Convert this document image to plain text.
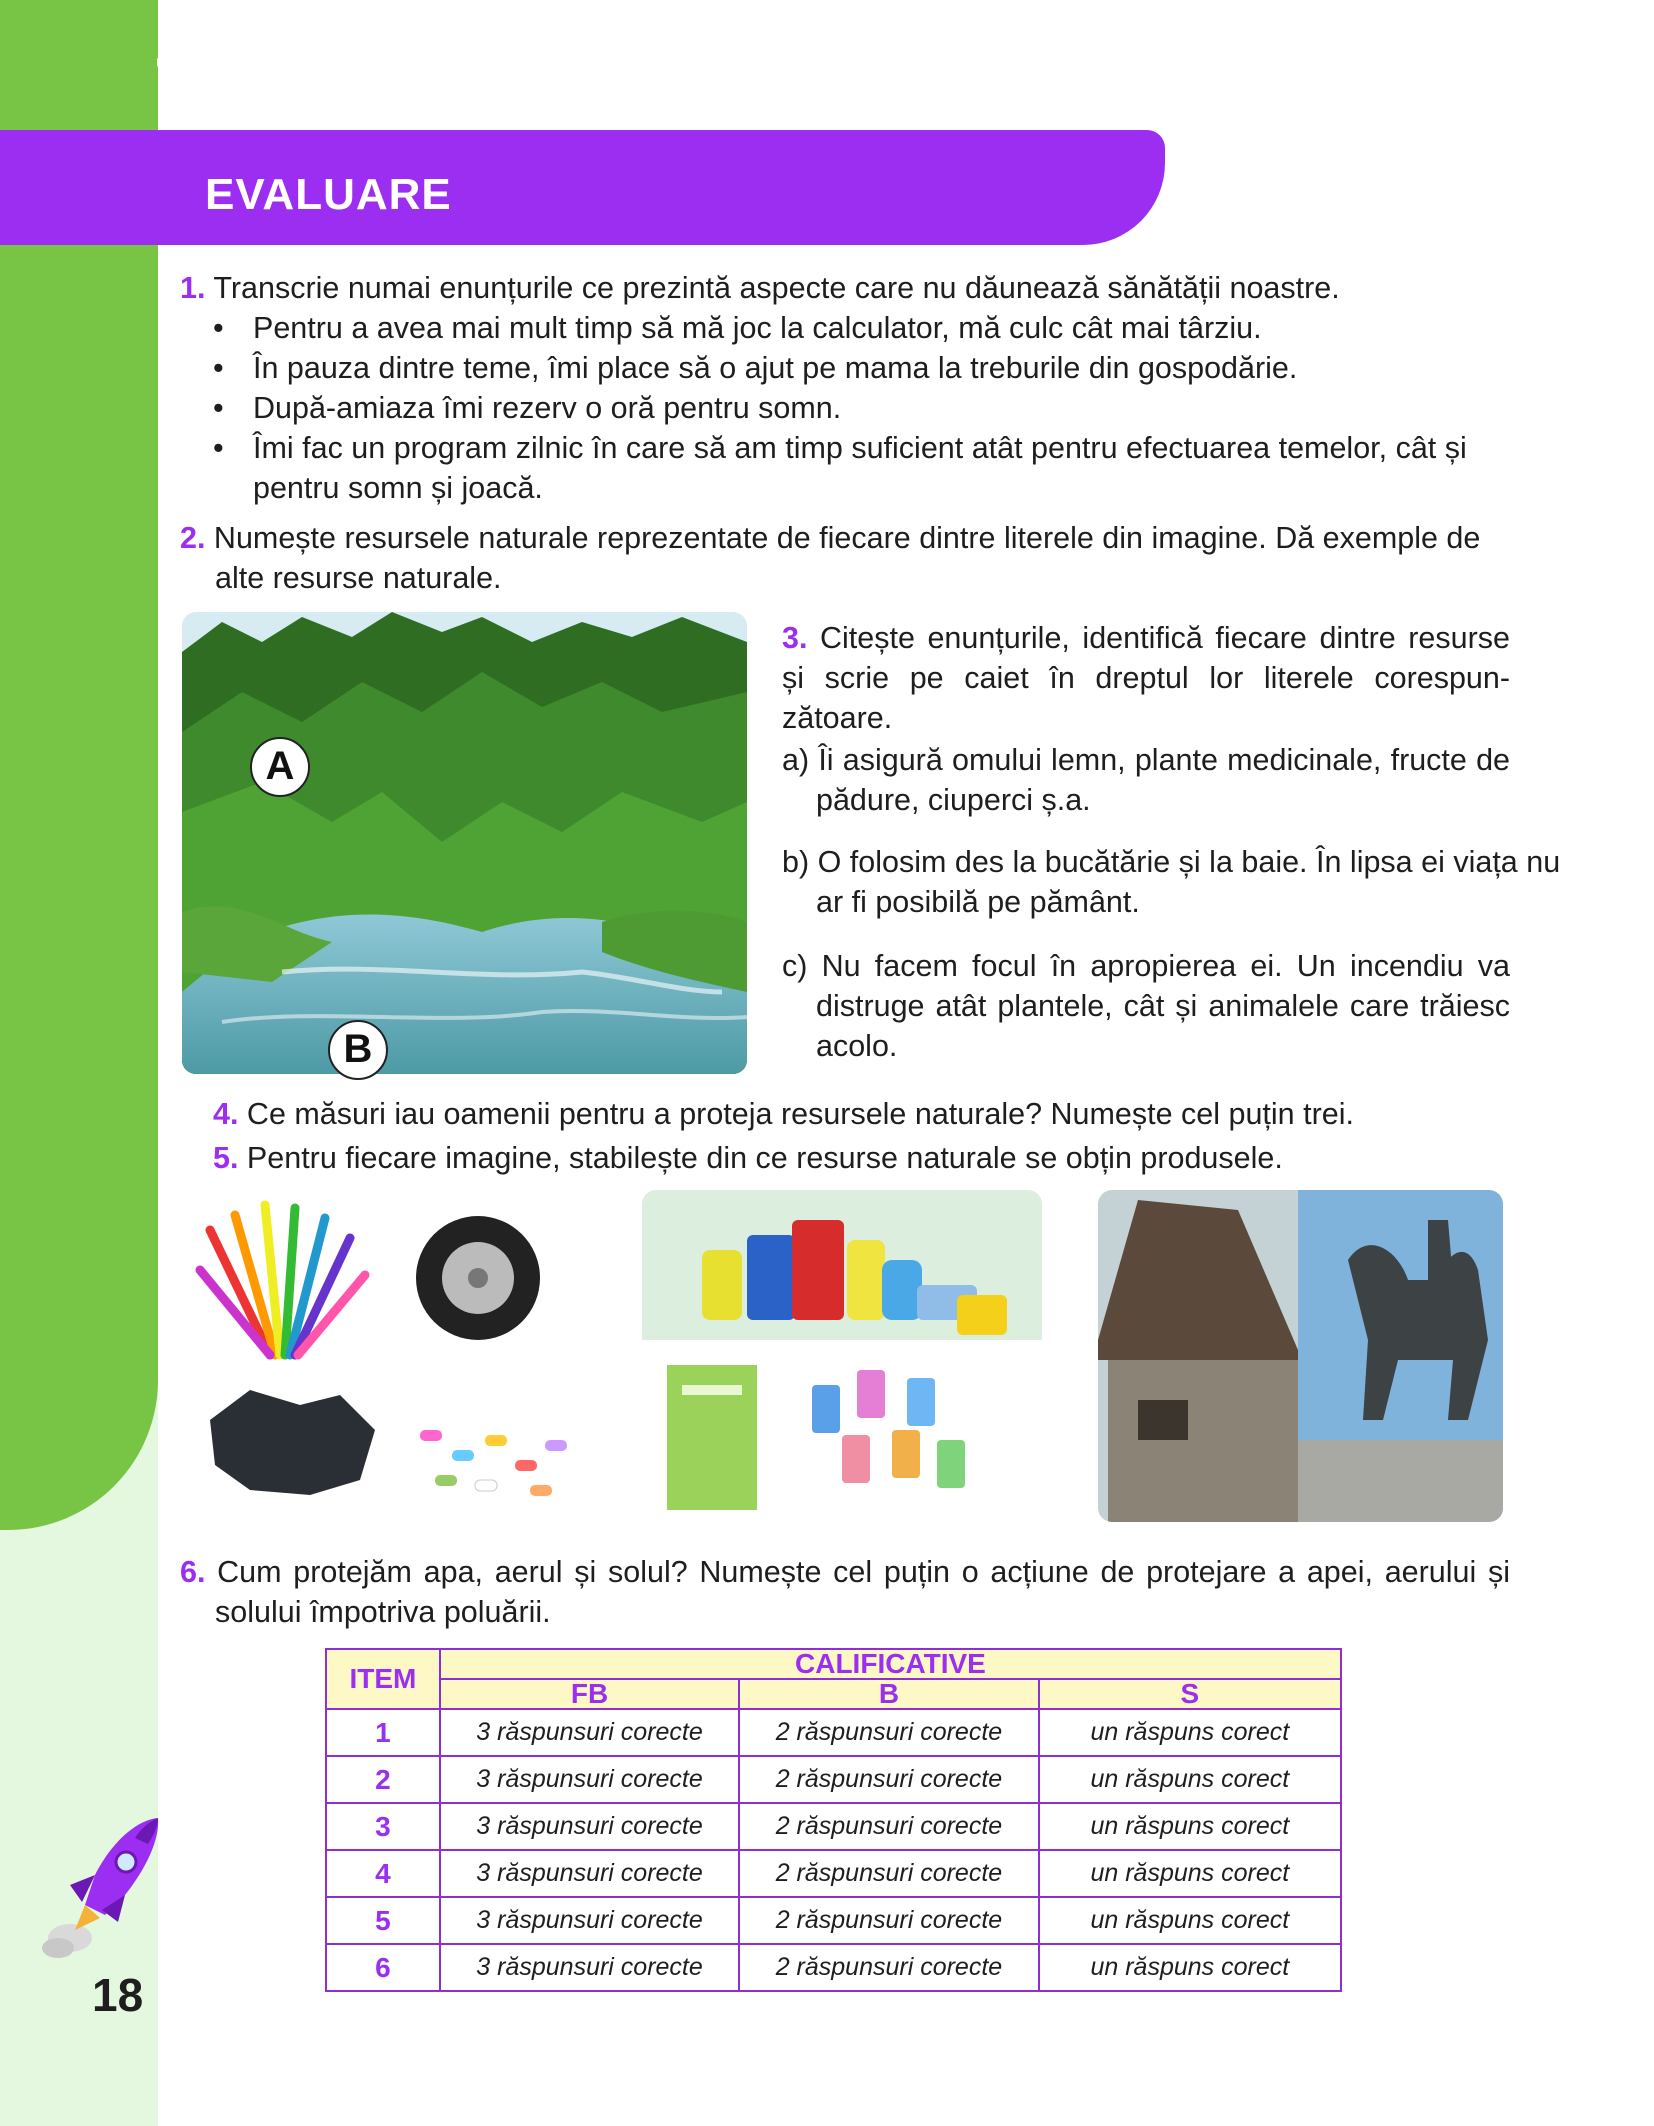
1
EVALUARE
1. Transcrie numai enunțurile ce prezintă aspecte care nu dăunează sănătății noastre.
• Pentru a avea mai mult timp să mă joc la calculator, mă culc cât mai târziu.
• În pauza dintre teme, îmi place să o ajut pe mama la treburile din gospodărie.
• După-amiaza îmi rezerv o oră pentru somn.
• Îmi fac un program zilnic în care să am timp suficient atât pentru efectuarea temelor, cât și
pentru somn și joacă.
2. Numește resursele naturale reprezentate de fiecare dintre literele din imagine. Dă exemple de
alte resurse naturale.
A
B
3. Citește enunțurile, identifică fiecare dintre resurse
și scrie pe caiet în dreptul lor literele corespun-
zătoare.
a) Îi asigură omului lemn, plante medicinale, fructe de
pădure, ciuperci ș.a.
b) O folosim des la bucătărie și la baie. În lipsa ei viața nu
ar fi posibilă pe pământ.
c) Nu facem focul în apropierea ei. Un incendiu va
distruge atât plantele, cât și animalele care trăiesc
acolo.
4. Ce măsuri iau oamenii pentru a proteja resursele naturale? Numește cel puțin trei.
5. Pentru fiecare imagine, stabilește din ce resurse naturale se obțin produsele.
6. Cum protejăm apa, aerul și solul? Numește cel puțin o acțiune de protejare a apei, aerului și
solului împotriva poluării.
ITEM	CALIFICATIVE		
	FB	B	S
1	3 răspunsuri corecte	2 răspunsuri corecte	un răspuns corect
2	3 răspunsuri corecte	2 răspunsuri corecte	un răspuns corect
3	3 răspunsuri corecte	2 răspunsuri corecte	un răspuns corect
4	3 răspunsuri corecte	2 răspunsuri corecte	un răspuns corect
5	3 răspunsuri corecte	2 răspunsuri corecte	un răspuns corect
6	3 răspunsuri corecte	2 răspunsuri corecte	un răspuns corect
18
